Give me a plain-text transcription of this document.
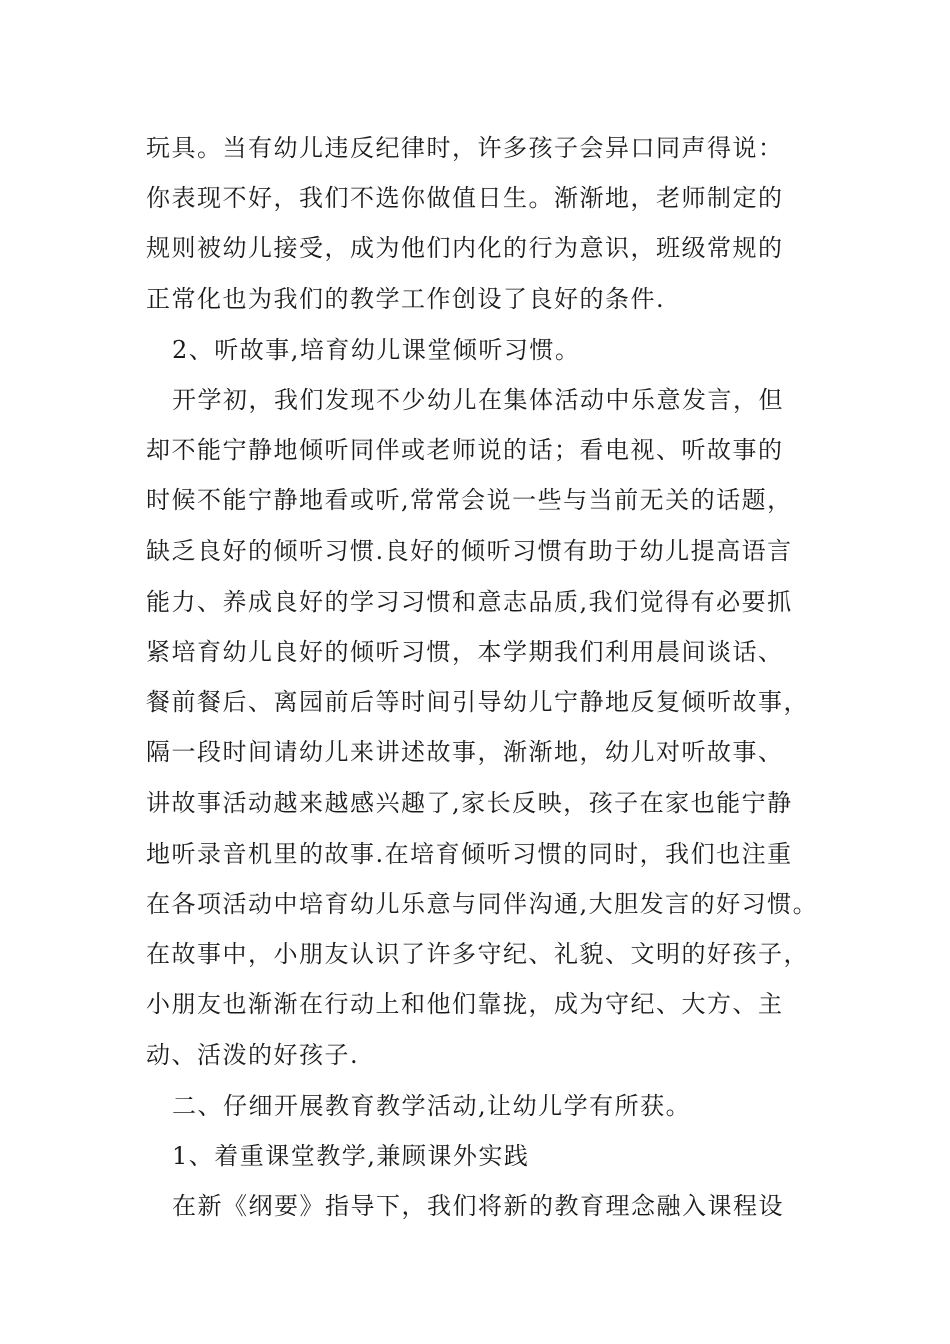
玩具。当有幼儿违反纪律时，许多孩子会异口同声得说：
你表现不好，我们不选你做值日生。渐渐地，老师制定的
规则被幼儿接受，成为他们内化的行为意识，班级常规的
正常化也为我们的教学工作创设了良好的条件.
2、听故事,培育幼儿课堂倾听习惯。
开学初，我们发现不少幼儿在集体活动中乐意发言，但
却不能宁静地倾听同伴或老师说的话；看电视、听故事的
时候不能宁静地看或听,常常会说一些与当前无关的话题，
缺乏良好的倾听习惯.良好的倾听习惯有助于幼儿提高语言
能力、养成良好的学习习惯和意志品质,我们觉得有必要抓
紧培育幼儿良好的倾听习惯，本学期我们利用晨间谈话、
餐前餐后、离园前后等时间引导幼儿宁静地反复倾听故事，
隔一段时间请幼儿来讲述故事，渐渐地，幼儿对听故事、
讲故事活动越来越感兴趣了,家长反映，孩子在家也能宁静
地听录音机里的故事.在培育倾听习惯的同时，我们也注重
在各项活动中培育幼儿乐意与同伴沟通,大胆发言的好习惯。
在故事中，小朋友认识了许多守纪、礼貌、文明的好孩子，
小朋友也渐渐在行动上和他们靠拢，成为守纪、大方、主
动、活泼的好孩子.
二、仔细开展教育教学活动,让幼儿学有所获。
1、着重课堂教学,兼顾课外实践
在新《纲要》指导下，我们将新的教育理念融入课程设
